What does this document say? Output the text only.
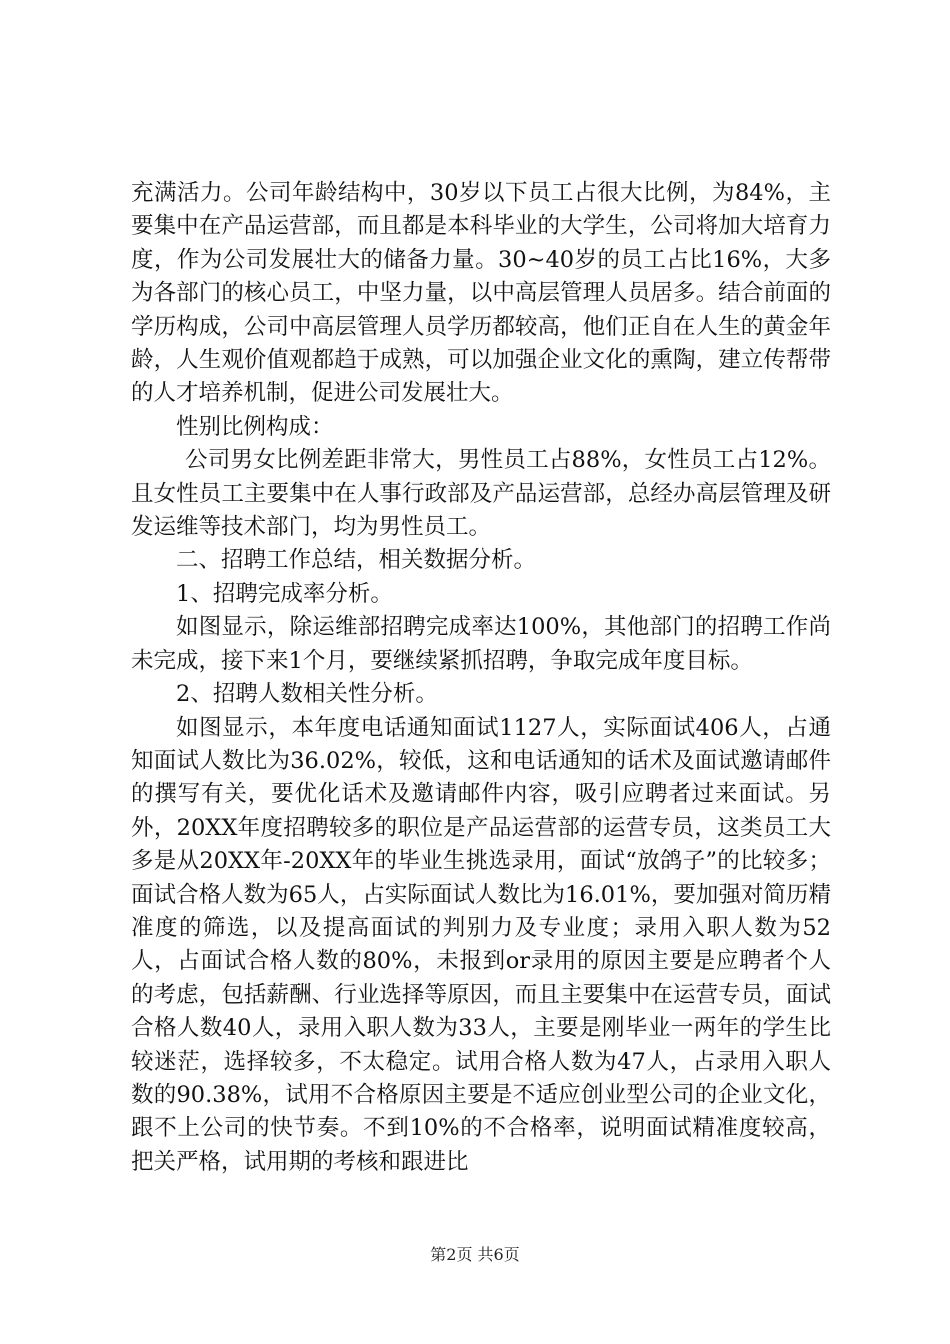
充满活力。公司年龄结构中，30岁以下员工占很大比例，为84%，主要集中在产品运营部，而且都是本科毕业的大学生，公司将加大培育力度，作为公司发展壮大的储备力量。30~40岁的员工占比16%，大多为各部门的核心员工，中坚力量，以中高层管理人员居多。结合前面的学历构成，公司中高层管理人员学历都较高，他们正自在人生的黄金年龄，人生观价值观都趋于成熟，可以加强企业文化的熏陶，建立传帮带的人才培养机制，促进公司发展壮大。

性别比例构成：

公司男女比例差距非常大，男性员工占88%，女性员工占12%。且女性员工主要集中在人事行政部及产品运营部，总经办高层管理及研发运维等技术部门，均为男性员工。

二、招聘工作总结，相关数据分析。

1、招聘完成率分析。

如图显示，除运维部招聘完成率达100%，其他部门的招聘工作尚未完成，接下来1个月，要继续紧抓招聘，争取完成年度目标。

2、招聘人数相关性分析。

如图显示，本年度电话通知面试1127人，实际面试406人，占通知面试人数比为36.02%，较低，这和电话通知的话术及面试邀请邮件的撰写有关，要优化话术及邀请邮件内容，吸引应聘者过来面试。另外，20XX年度招聘较多的职位是产品运营部的运营专员，这类员工大多是从20XX年-20XX年的毕业生挑选录用，面试“放鸽子”的比较多；面试合格人数为65人，占实际面试人数比为16.01%，要加强对简历精准度的筛选，以及提高面试的判别力及专业度；录用入职人数为52人，占面试合格人数的80%，未报到or录用的原因主要是应聘者个人的考虑，包括薪酬、行业选择等原因，而且主要集中在运营专员，面试合格人数40人，录用入职人数为33人，主要是刚毕业一两年的学生比较迷茫，选择较多，不太稳定。试用合格人数为47人，占录用入职人数的90.38%，试用不合格原因主要是不适应创业型公司的企业文化，跟不上公司的快节奏。不到10%的不合格率，说明面试精准度较高，把关严格，试用期的考核和跟进比

第2页 共6页
